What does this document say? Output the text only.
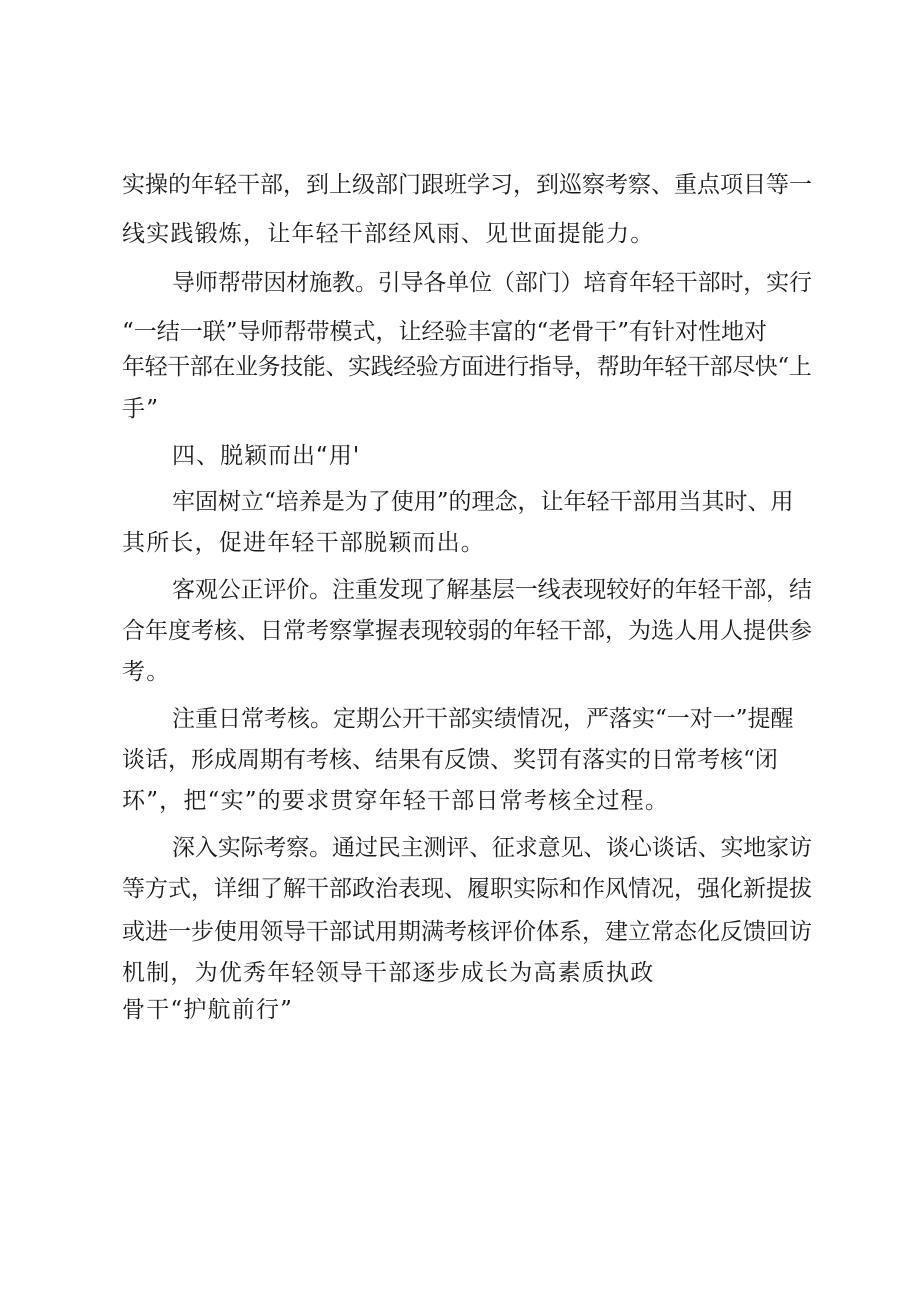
实操的年轻干部，到上级部门跟班学习，到巡察考察、重点项目等一
线实践锻炼，让年轻干部经风雨、见世面提能力。
导师帮带因材施教。引导各单位（部门）培育年轻干部时，实行
“一结一联”导师帮带模式，让经验丰富的“老骨干”有针对性地对
年轻干部在业务技能、实践经验方面进行指导，帮助年轻干部尽快“上
手”
四、脱颖而出“用'
牢固树立“培养是为了使用”的理念，让年轻干部用当其时、用
其所长，促进年轻干部脱颖而出。
客观公正评价。注重发现了解基层一线表现较好的年轻干部，结
合年度考核、日常考察掌握表现较弱的年轻干部，为选人用人提供参
考。
注重日常考核。定期公开干部实绩情况，严落实“一对一”提醒
谈话，形成周期有考核、结果有反馈、奖罚有落实的日常考核“闭
环”，把“实”的要求贯穿年轻干部日常考核全过程。
深入实际考察。通过民主测评、征求意见、谈心谈话、实地家访
等方式，详细了解干部政治表现、履职实际和作风情况，强化新提拔
或进一步使用领导干部试用期满考核评价体系，建立常态化反馈回访
机制，为优秀年轻领导干部逐步成长为高素质执政
骨干“护航前行”
